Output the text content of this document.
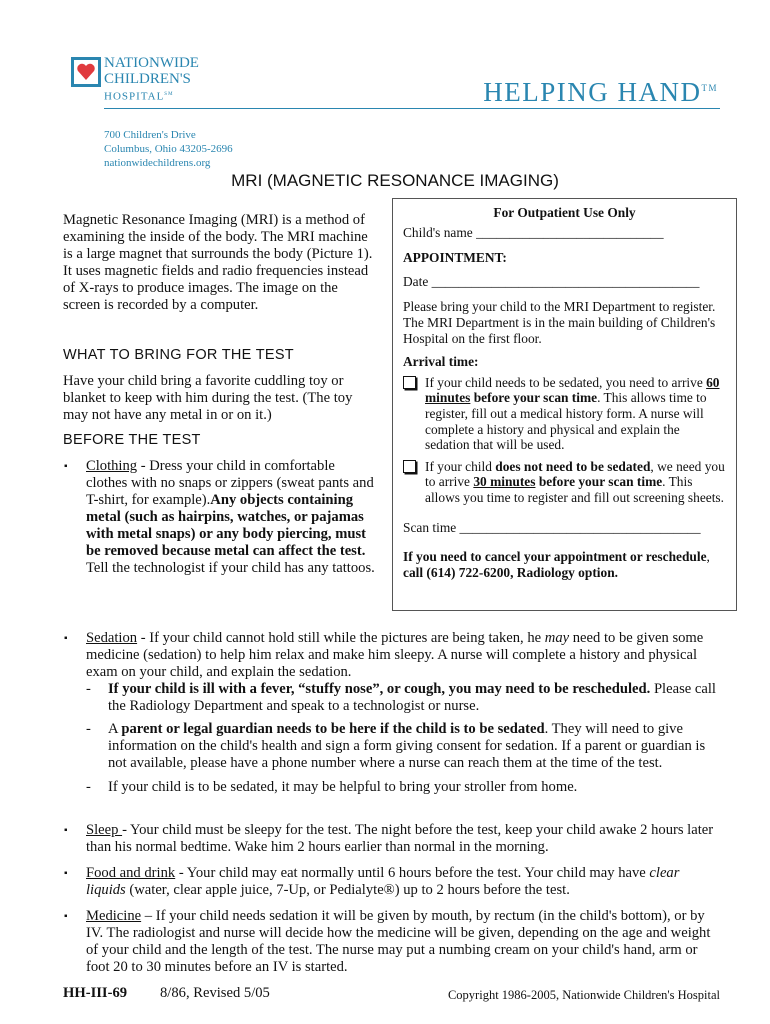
NATIONWIDE
CHILDREN'S
HOSPITAL℠	HELPING HAND™
700 Children's Drive
Columbus, Ohio 43205-2696
nationwidechildrens.org
MRI (MAGNETIC RESONANCE IMAGING)

Magnetic Resonance Imaging (MRI) is a method of examining the inside of the body. The MRI machine is a large magnet that surrounds the body (Picture 1). It uses magnetic fields and radio frequencies instead of X-rays to produce images. The image on the screen is recorded by a computer.

WHAT TO BRING FOR THE TEST

Have your child bring a favorite cuddling toy or blanket to keep with him during the test. (The toy may not have any metal in or on it.)

BEFORE THE TEST
▪ Clothing - Dress your child in comfortable clothes with no snaps or zippers (sweat pants and T-shirt, for example).Any objects containing metal (such as hairpins, watches, or pajamas with metal snaps) or any body piercing, must be removed because metal can affect the test. Tell the technologist if your child has any tattoos.

For Outpatient Use Only
Child's name ____________________________
APPOINTMENT:
Date ________________________________________

Please bring your child to the MRI Department to register. The MRI Department is in the main building of Children's Hospital on the first floor.

Arrival time:

If your child needs to be sedated, you need to arrive 60 minutes before your scan time. This allows time to register, fill out a medical history form. A nurse will complete a history and physical and explain the sedation that will be used.

If your child does not need to be sedated, we need you to arrive 30 minutes before your scan time. This allows you time to register and fill out screening sheets.

Scan time ____________________________________

If you need to cancel your appointment or reschedule, call (614) 722-6200, Radiology option.

▪ Sedation - If your child cannot hold still while the pictures are being taken, he may need to be given some medicine (sedation) to help him relax and make him sleepy. A nurse will complete a history and physical exam on your child, and explain the sedation.

- If your child is ill with a fever, “stuffy nose”, or cough, you may need to be rescheduled. Please call the Radiology Department and speak to a technologist or nurse.

- A parent or legal guardian needs to be here if the child is to be sedated. They will need to give information on the child's health and sign a form giving consent for sedation. If a parent or guardian is not available, please have a phone number where a nurse can reach them at the time of the test.

- If your child is to be sedated, it may be helpful to bring your stroller from home.

▪ Sleep - Your child must be sleepy for the test. The night before the test, keep your child awake 2 hours later than his normal bedtime. Wake him 2 hours earlier than normal in the morning.

▪ Food and drink - Your child may eat normally until 6 hours before the test. Your child may have clear liquids (water, clear apple juice, 7-Up, or Pedialyte®) up to 2 hours before the test.

▪ Medicine – If your child needs sedation it will be given by mouth, by rectum (in the child's bottom), or by IV. The radiologist and nurse will decide how the medicine will be given, depending on the age and weight of your child and the length of the test. The nurse may put a numbing cream on your child's hand, arm or foot 20 to 30 minutes before an IV is started.

HH-III-69 8/86, Revised 5/05	Copyright 1986-2005, Nationwide Children's Hospital
